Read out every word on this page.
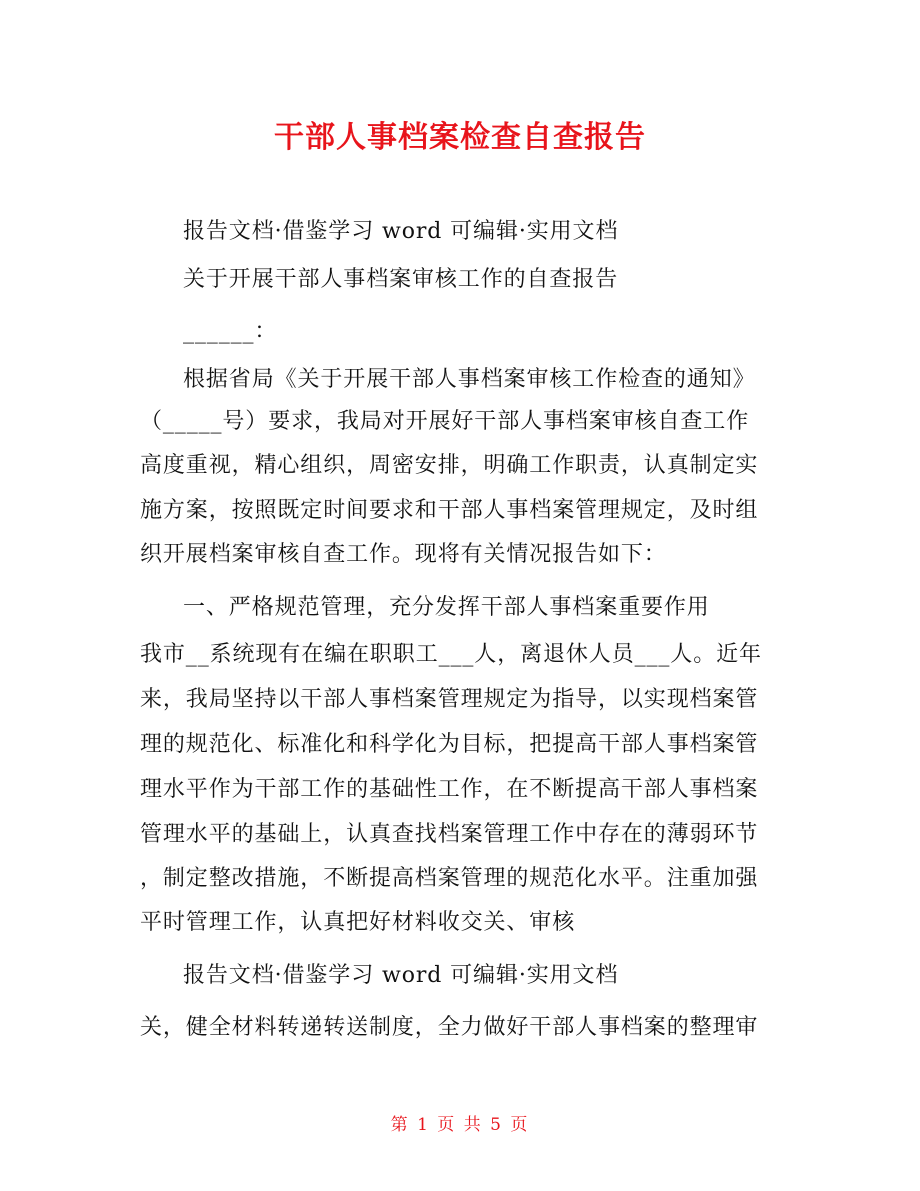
干部人事档案检查自查报告
报告文档·借鉴学习 word 可编辑·实用文档
关于开展干部人事档案审核工作的自查报告
______：
根据省局《关于开展干部人事档案审核工作检查的通知》
（_____号）要求，我局对开展好干部人事档案审核自查工作
高度重视，精心组织，周密安排，明确工作职责，认真制定实
施方案，按照既定时间要求和干部人事档案管理规定，及时组
织开展档案审核自查工作。现将有关情况报告如下：
一、严格规范管理，充分发挥干部人事档案重要作用
我市__系统现有在编在职职工___人，离退休人员___人。近年
来，我局坚持以干部人事档案管理规定为指导，以实现档案管
理的规范化、标准化和科学化为目标，把提高干部人事档案管
理水平作为干部工作的基础性工作，在不断提高干部人事档案
管理水平的基础上，认真查找档案管理工作中存在的薄弱环节
，制定整改措施，不断提高档案管理的规范化水平。注重加强
平时管理工作，认真把好材料收交关、审核
报告文档·借鉴学习 word 可编辑·实用文档
关，健全材料转递转送制度，全力做好干部人事档案的整理审
第 1 页 共 5 页
